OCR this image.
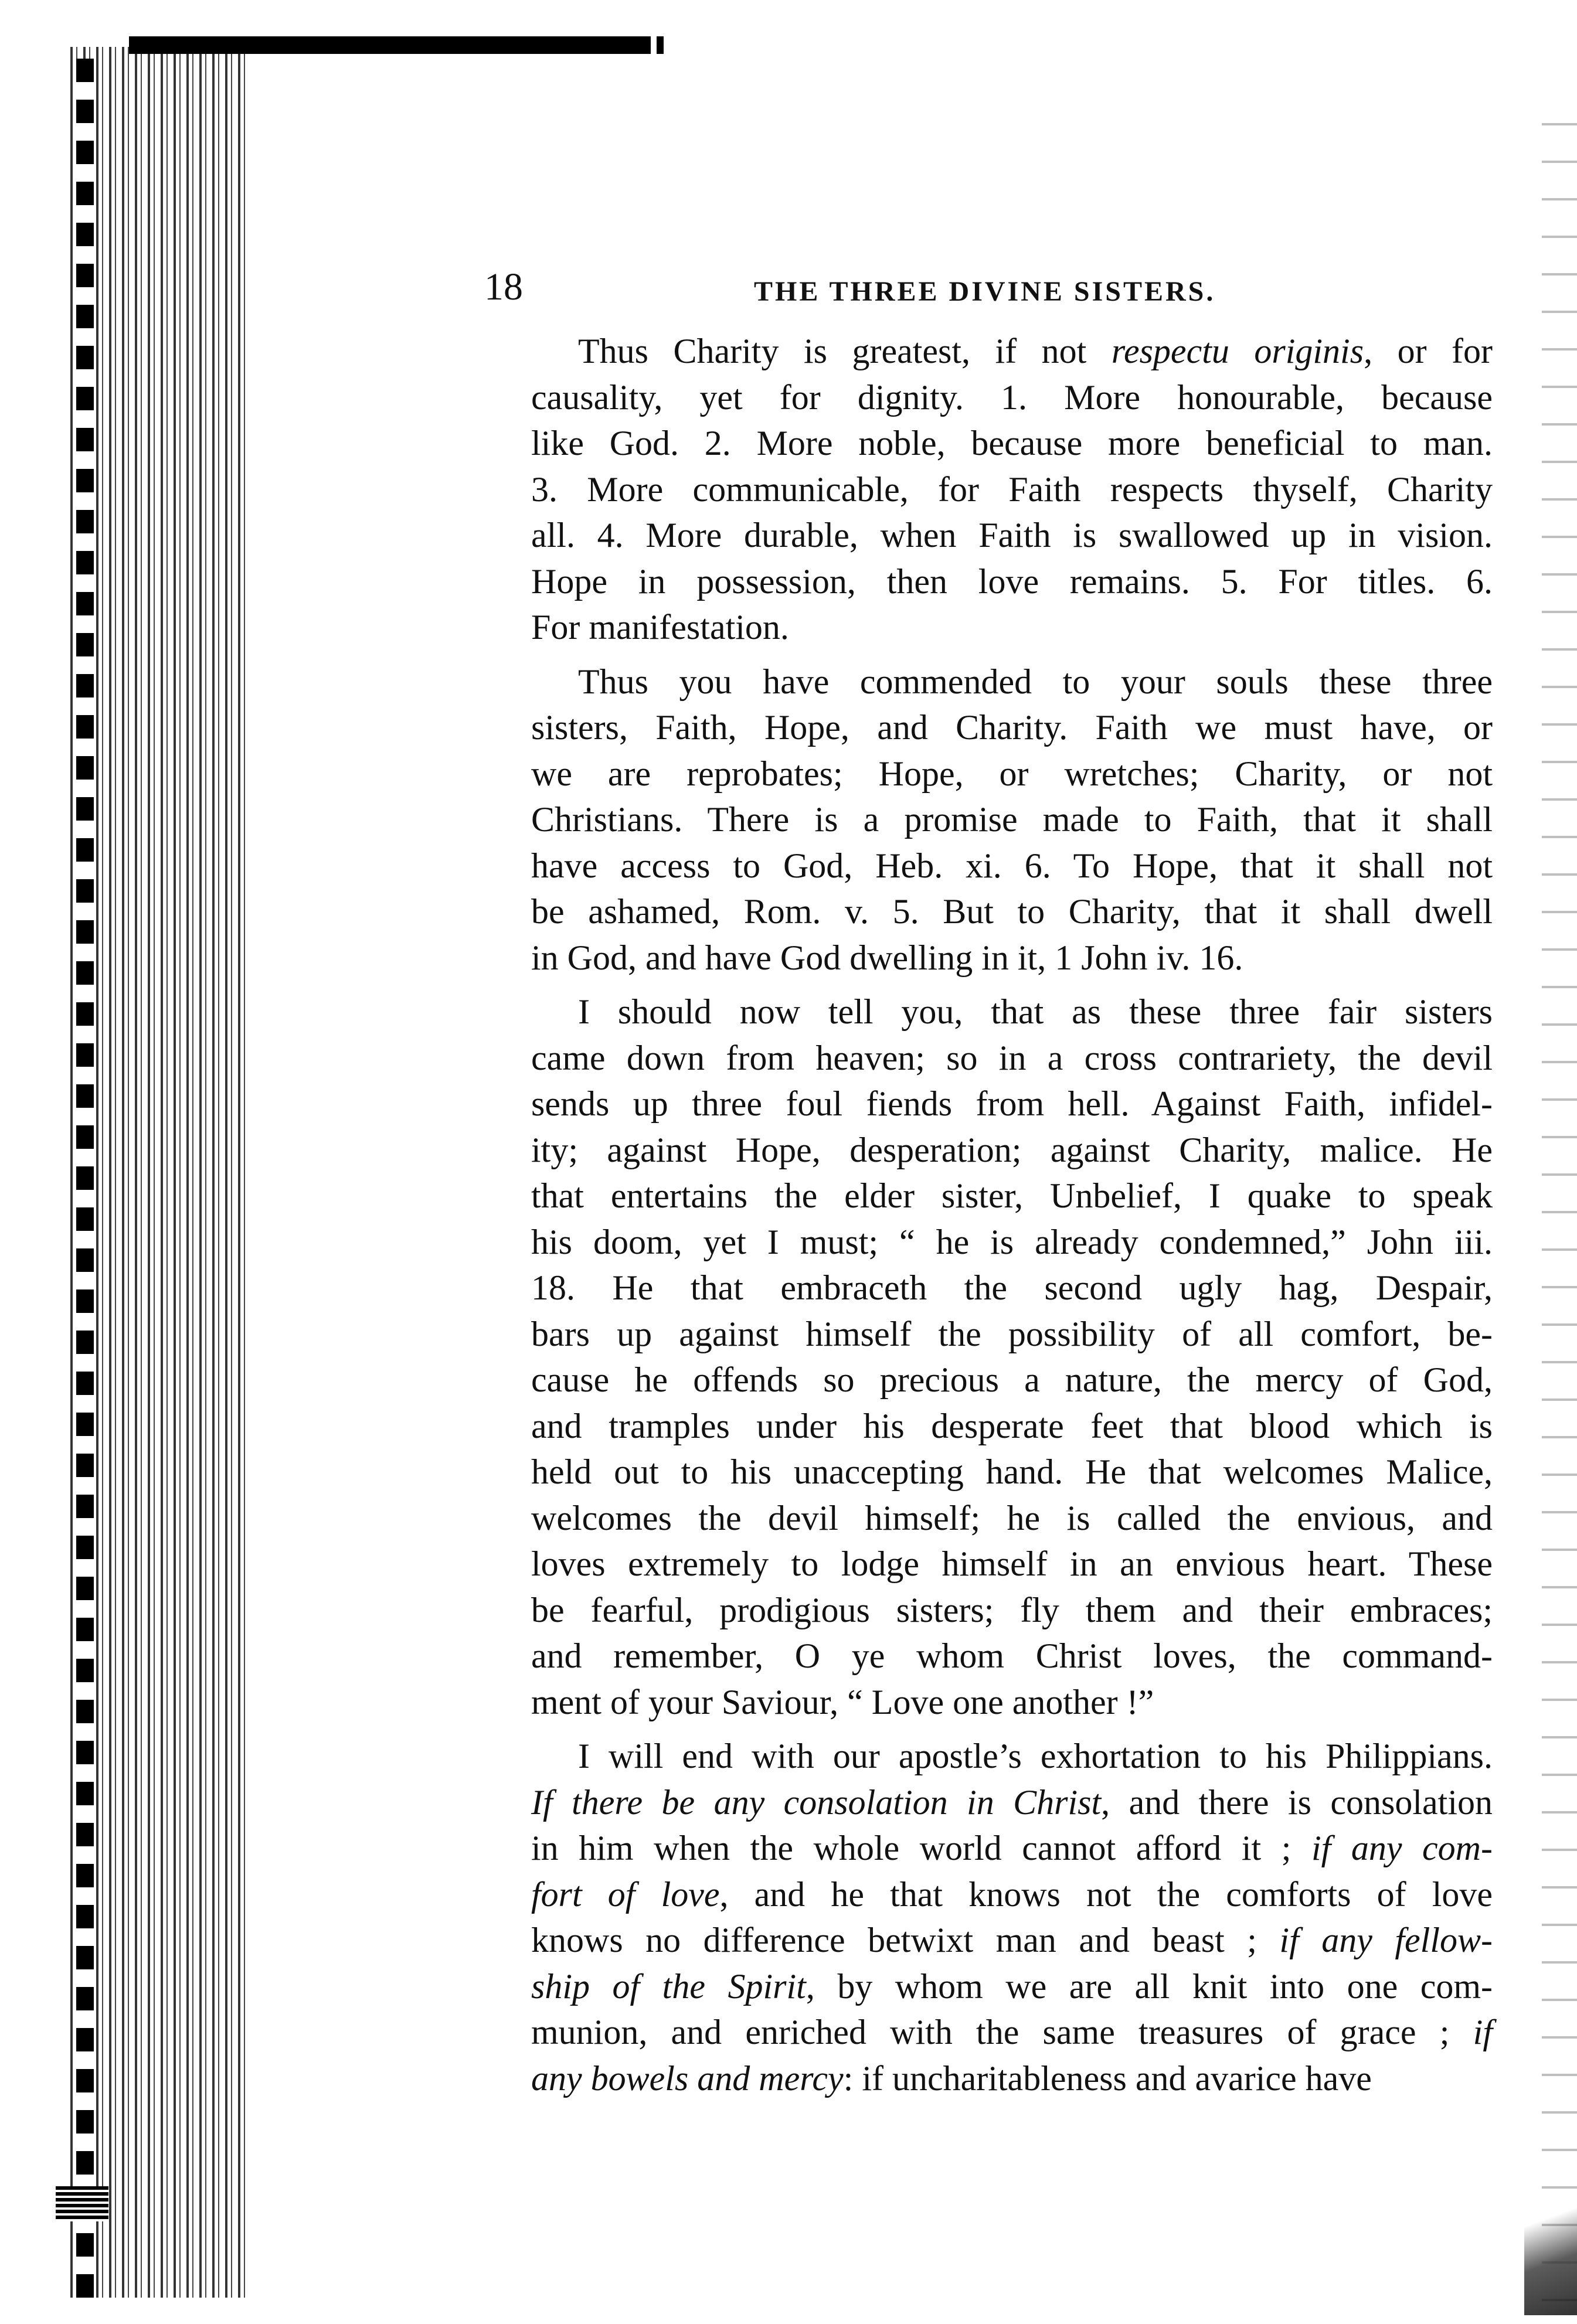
18	THE THREE DIVINE SISTERS.

Thus Charity is greatest, if not respectu originis, or for
causality, yet for dignity. 1. More honourable, because
like God. 2. More noble, because more beneficial to man.
3. More communicable, for Faith respects thyself, Charity
all. 4. More durable, when Faith is swallowed up in vision.
Hope in possession, then love remains. 5. For titles. 6.
For manifestation.

Thus you have commended to your souls these three
sisters, Faith, Hope, and Charity. Faith we must have, or
we are reprobates; Hope, or wretches; Charity, or not
Christians. There is a promise made to Faith, that it shall
have access to God, Heb. xi. 6. To Hope, that it shall not
be ashamed, Rom. v. 5. But to Charity, that it shall dwell
in God, and have God dwelling in it, 1 John iv. 16.

I should now tell you, that as these three fair sisters
came down from heaven; so in a cross contrariety, the devil
sends up three foul fiends from hell. Against Faith, infidel-
ity; against Hope, desperation; against Charity, malice. He
that entertains the elder sister, Unbelief, I quake to speak
his doom, yet I must; “ he is already condemned,” John iii.
18. He that embraceth the second ugly hag, Despair,
bars up against himself the possibility of all comfort, be-
cause he offends so precious a nature, the mercy of God,
and tramples under his desperate feet that blood which is
held out to his unaccepting hand. He that welcomes Malice,
welcomes the devil himself; he is called the envious, and
loves extremely to lodge himself in an envious heart. These
be fearful, prodigious sisters; fly them and their embraces;
and remember, O ye whom Christ loves, the command-
ment of your Saviour, “ Love one another !”

I will end with our apostle’s exhortation to his Philippians.
If there be any consolation in Christ, and there is consolation
in him when the whole world cannot afford it ; if any com-
fort of love, and he that knows not the comforts of love
knows no difference betwixt man and beast ; if any fellow-
ship of the Spirit, by whom we are all knit into one com-
munion, and enriched with the same treasures of grace ; if
any bowels and mercy: if uncharitableness and avarice have
